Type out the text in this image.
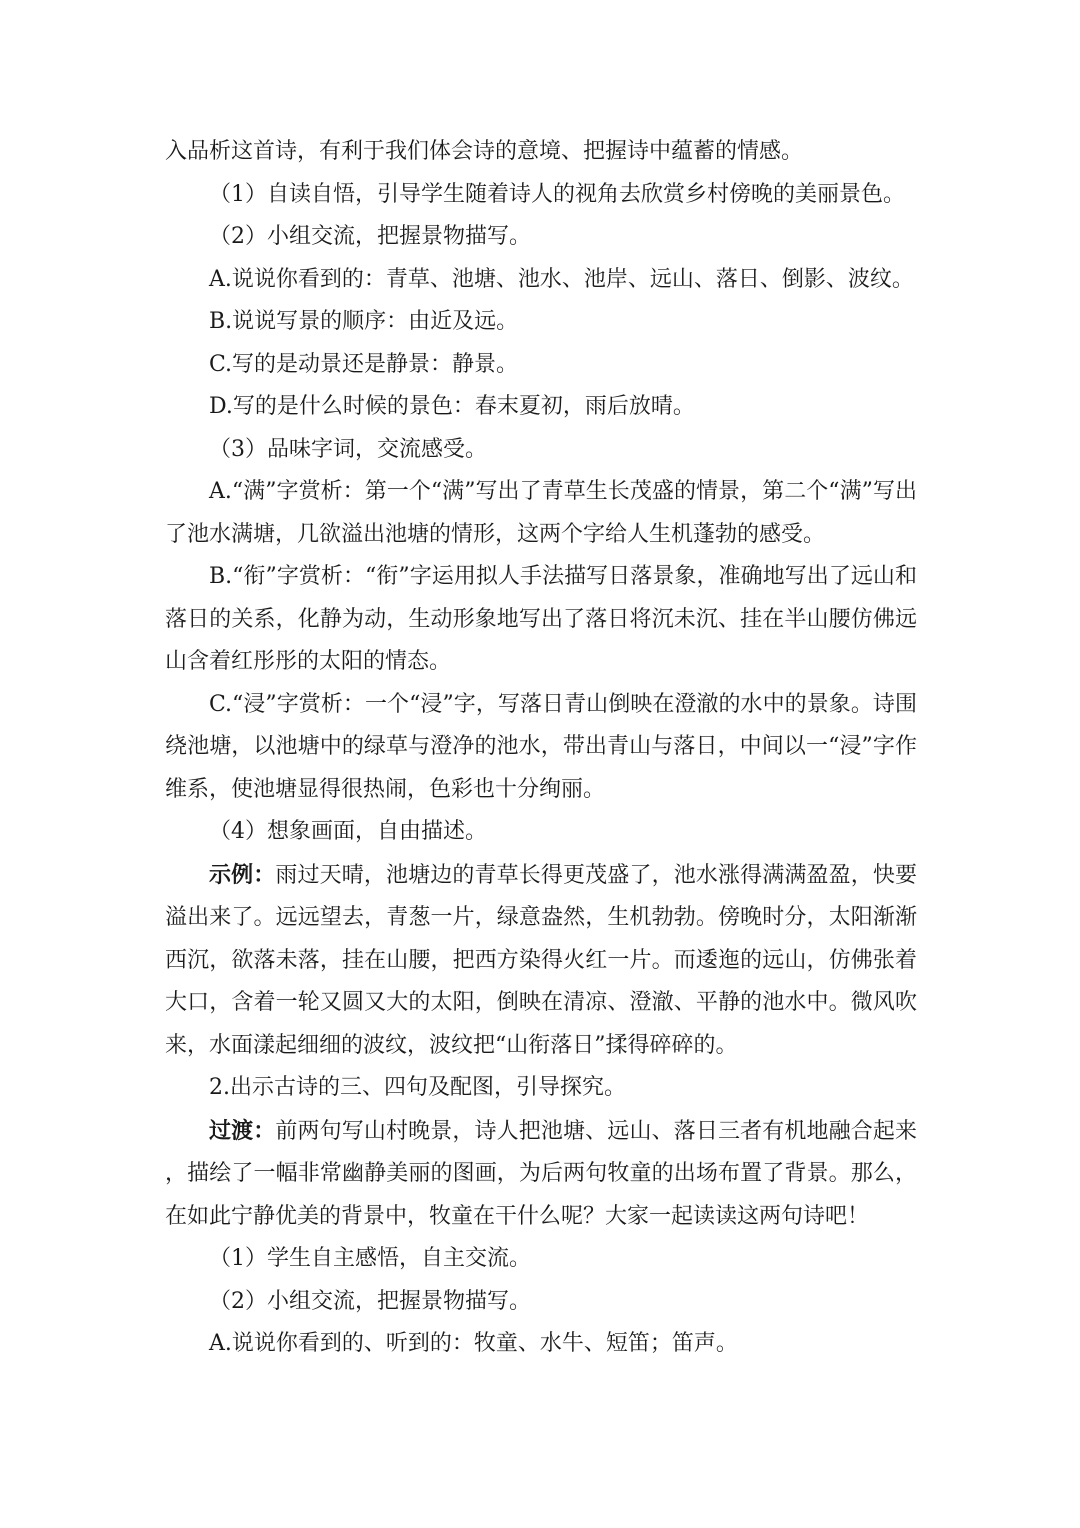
入品析这首诗，有利于我们体会诗的意境、把握诗中蕴蓄的情感。

（1）自读自悟，引导学生随着诗人的视角去欣赏乡村傍晚的美丽景色。

（2）小组交流，把握景物描写。

A.说说你看到的：青草、池塘、池水、池岸、远山、落日、倒影、波纹。

B.说说写景的顺序：由近及远。

C.写的是动景还是静景：静景。

D.写的是什么时候的景色：春末夏初，雨后放晴。

（3）品味字词，交流感受。

A.“满”字赏析：第一个“满”写出了青草生长茂盛的情景，第二个“满”写出了池水满塘，几欲溢出池塘的情形，这两个字给人生机蓬勃的感受。

B.“衔”字赏析：“衔”字运用拟人手法描写日落景象，准确地写出了远山和落日的关系，化静为动，生动形象地写出了落日将沉未沉、挂在半山腰仿佛远山含着红彤彤的太阳的情态。

C.“浸”字赏析：一个“浸”字，写落日青山倒映在澄澈的水中的景象。诗围绕池塘，以池塘中的绿草与澄净的池水，带出青山与落日，中间以一“浸”字作维系，使池塘显得很热闹，色彩也十分绚丽。

（4）想象画面，自由描述。

示例：雨过天晴，池塘边的青草长得更茂盛了，池水涨得满满盈盈，快要溢出来了。远远望去，青葱一片，绿意盎然，生机勃勃。傍晚时分，太阳渐渐西沉，欲落未落，挂在山腰，把西方染得火红一片。而逶迤的远山，仿佛张着大口，含着一轮又圆又大的太阳，倒映在清凉、澄澈、平静的池水中。微风吹来，水面漾起细细的波纹，波纹把“山衔落日”揉得碎碎的。

2.出示古诗的三、四句及配图，引导探究。

过渡：前两句写山村晚景，诗人把池塘、远山、落日三者有机地融合起来，描绘了一幅非常幽静美丽的图画，为后两句牧童的出场布置了背景。那么，在如此宁静优美的背景中，牧童在干什么呢？大家一起读读这两句诗吧！

（1）学生自主感悟，自主交流。

（2）小组交流，把握景物描写。

A.说说你看到的、听到的：牧童、水牛、短笛；笛声。
